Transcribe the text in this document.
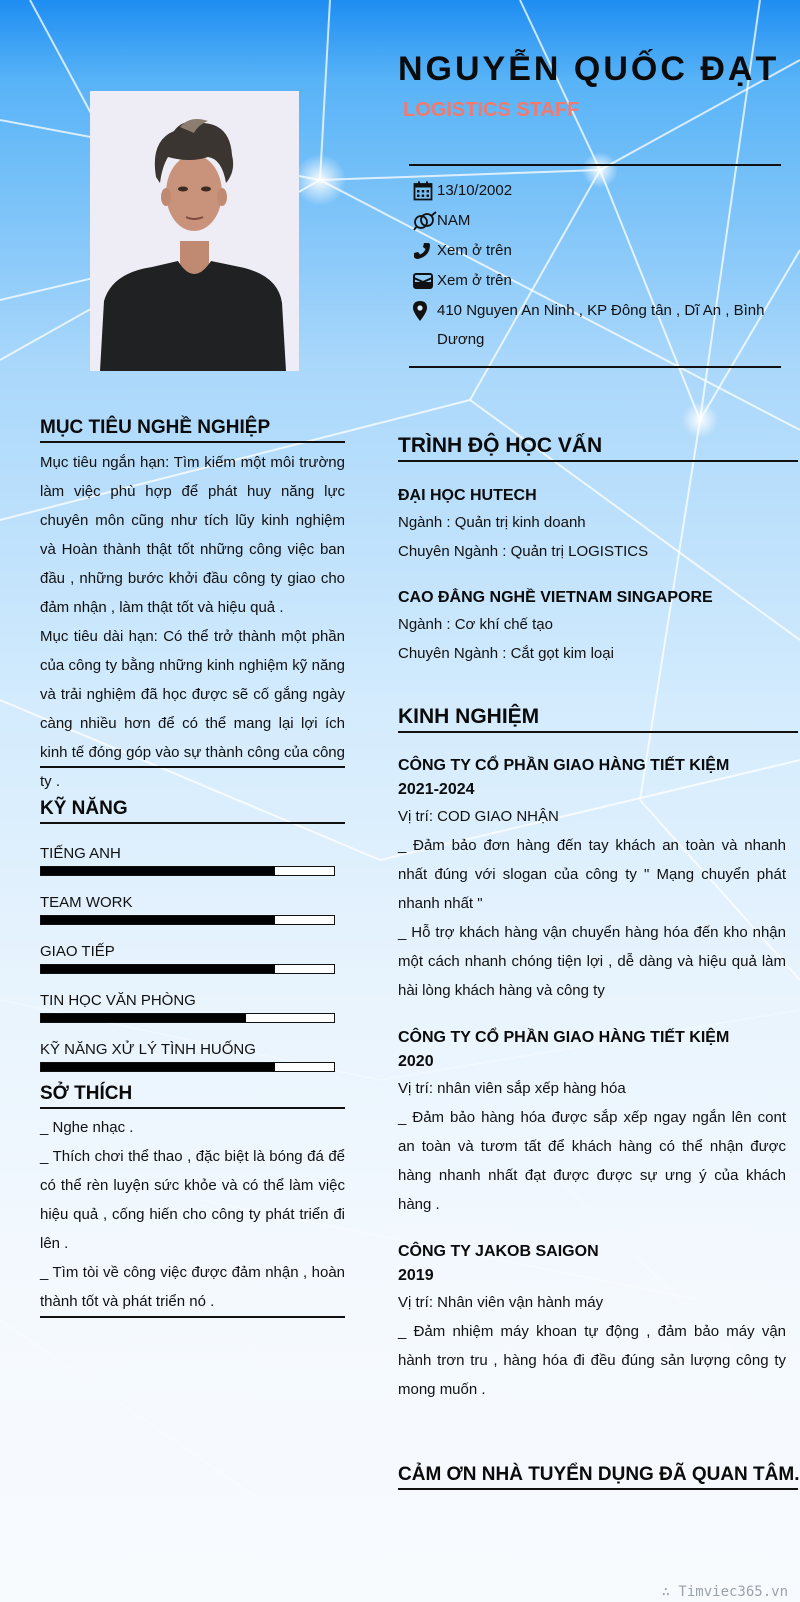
NGUYỄN QUỐC ĐẠT
LOGISTICS STAFF
13/10/2002
NAM
Xem ở trên
Xem ở trên
410 Nguyen An Ninh , KP Đông tân , Dĩ An , Bình Dương
MỤC TIÊU NGHỀ NGHIỆP

Mục tiêu ngắn hạn: Tìm kiếm một môi trường làm việc phù hợp để phát huy năng lực chuyên môn cũng như tích lũy kinh nghiệm và Hoàn thành thật tốt những công việc ban đầu , những bước khởi đầu công ty giao cho đảm nhận , làm thật tốt và hiệu quả .

Mục tiêu dài hạn: Có thể trở thành một phần của công ty bằng những kinh nghiệm kỹ năng và trải nghiệm đã học được sẽ cố gắng ngày càng nhiều hơn để có thể mang lại lợi ích kinh tế đóng góp vào sự thành công của công ty .

KỸ NĂNG
TIẾNG ANH
TEAM WORK
GIAO TIẾP
TIN HỌC VĂN PHÒNG
KỸ NĂNG XỬ LÝ TÌNH HUỐNG
SỞ THÍCH

_ Nghe nhạc .

_ Thích chơi thể thao , đặc biệt là bóng đá để có thể rèn luyện sức khỏe và có thể làm việc hiệu quả , cống hiến cho công ty phát triển đi lên .

_ Tìm tòi về công việc được đảm nhận , hoàn thành tốt và phát triển nó .

TRÌNH ĐỘ HỌC VẤN
ĐẠI HỌC HUTECH
Ngành : Quản trị kinh doanh
Chuyên Ngành : Quản trị LOGISTICS
CAO ĐẲNG NGHỀ VIETNAM SINGAPORE
Ngành : Cơ khí chế tạo
Chuyên Ngành : Cắt gọt kim loại
KINH NGHIỆM
CÔNG TY CỔ PHẦN GIAO HÀNG TIẾT KIỆM
2021-2024
Vị trí: COD GIAO NHẬN
_ Đảm bảo đơn hàng đến tay khách an toàn và nhanh nhất đúng với slogan của công ty " Mạng chuyển phát nhanh nhất "
_ Hỗ trợ khách hàng vận chuyển hàng hóa đến kho nhận một cách nhanh chóng tiện lợi , dễ dàng và hiệu quả làm hài lòng khách hàng và công ty
CÔNG TY CỔ PHẦN GIAO HÀNG TIẾT KIỆM
2020
Vị trí: nhân viên sắp xếp hàng hóa
_ Đảm bảo hàng hóa được sắp xếp ngay ngắn lên cont an toàn và tươm tất để khách hàng có thể nhận được hàng nhanh nhất đạt được được sự ưng ý của khách hàng .
CÔNG TY JAKOB SAIGON
2019
Vị trí: Nhân viên vận hành máy
_ Đảm nhiệm máy khoan tự động , đảm bảo máy vận hành trơn tru , hàng hóa đi đều đúng sản lượng công ty mong muốn .
CẢM ƠN NHÀ TUYỂN DỤNG ĐÃ QUAN TÂM.
∴ Timviec365.vn
